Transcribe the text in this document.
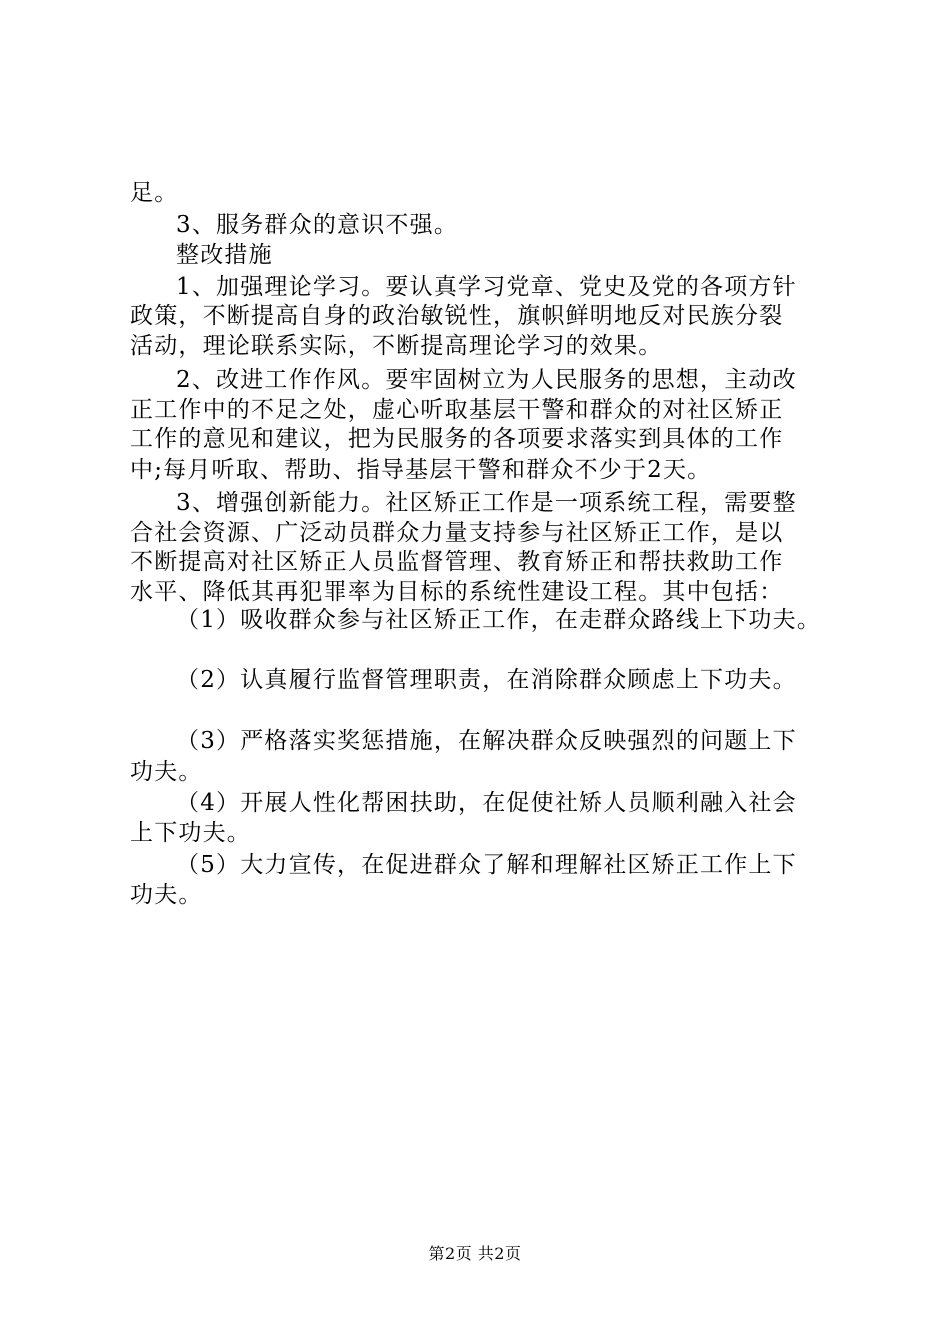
足。
3、服务群众的意识不强。
整改措施
1、加强理论学习。要认真学习党章、党史及党的各项方针
政策，不断提高自身的政治敏锐性，旗帜鲜明地反对民族分裂
活动，理论联系实际，不断提高理论学习的效果。
2、改进工作作风。要牢固树立为人民服务的思想，主动改
正工作中的不足之处，虚心听取基层干警和群众的对社区矫正
工作的意见和建议，把为民服务的各项要求落实到具体的工作
中;每月听取、帮助、指导基层干警和群众不少于2天。
3、增强创新能力。社区矫正工作是一项系统工程，需要整
合社会资源、广泛动员群众力量支持参与社区矫正工作，是以
不断提高对社区矫正人员监督管理、教育矫正和帮扶救助工作
水平、降低其再犯罪率为目标的系统性建设工程。其中包括：
（1）吸收群众参与社区矫正工作，在走群众路线上下功夫。
（2）认真履行监督管理职责，在消除群众顾虑上下功夫。
（3）严格落实奖惩措施，在解决群众反映强烈的问题上下
功夫。
（4）开展人性化帮困扶助，在促使社矫人员顺利融入社会
上下功夫。
（5）大力宣传，在促进群众了解和理解社区矫正工作上下
功夫。
第2页 共2页
